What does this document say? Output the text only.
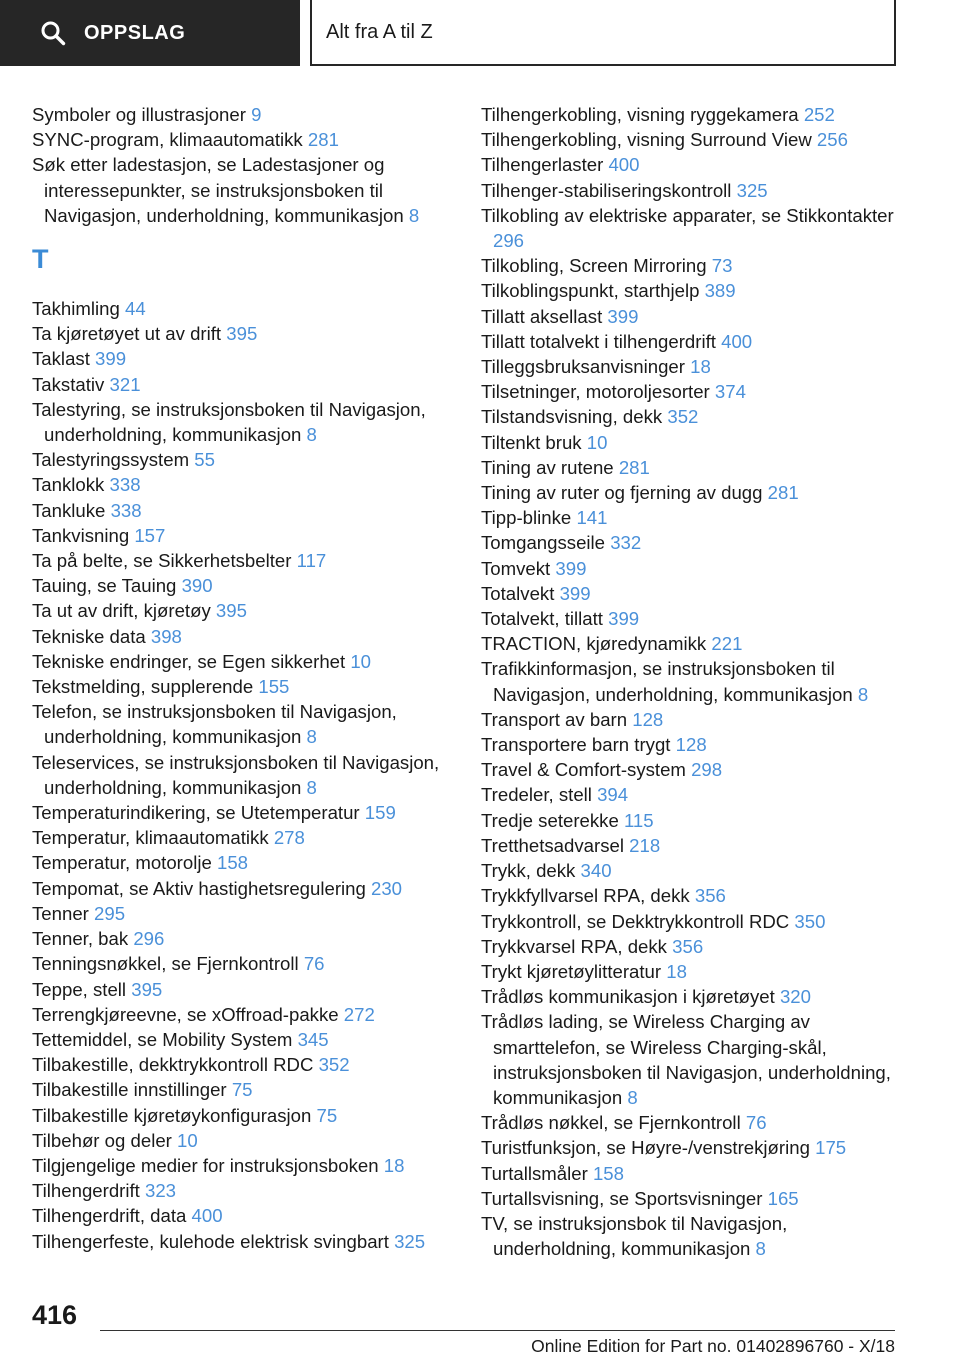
OPPSLAG	Alt fra A til Z
Symboler og illustrasjoner 9
SYNC-program, klimaautomatikk 281
Søk etter ladestasjon, se Ladestasjoner og interessepunkter, se instruksjonsboken til Navigasjon, underholdning, kommunikasjon 8
T
Takhimling 44
Ta kjøretøyet ut av drift 395
Taklast 399
Takstativ 321
Talestyring, se instruksjonsboken til Navigasjon, underholdning, kommunikasjon 8
Talestyringssystem 55
Tanklokk 338
Tankluke 338
Tankvisning 157
Ta på belte, se Sikkerhetsbelter 117
Tauing, se Tauing 390
Ta ut av drift, kjøretøy 395
Tekniske data 398
Tekniske endringer, se Egen sikkerhet 10
Tekstmelding, supplerende 155
Telefon, se instruksjonsboken til Navigasjon, underholdning, kommunikasjon 8
Teleservices, se instruksjonsboken til Navigasjon, underholdning, kommunikasjon 8
Temperaturindikering, se Utetemperatur 159
Temperatur, klimaautomatikk 278
Temperatur, motorolje 158
Tempomat, se Aktiv hastighetsregulering 230
Tenner 295
Tenner, bak 296
Tenningsnøkkel, se Fjernkontroll 76
Teppe, stell 395
Terrengkjøreevne, se xOffroad-pakke 272
Tettemiddel, se Mobility System 345
Tilbakestille, dekktrykkontroll RDC 352
Tilbakestille innstillinger 75
Tilbakestille kjøretøykonfigurasjon 75
Tilbehør og deler 10
Tilgjengelige medier for instruksjonsboken 18
Tilhengerdrift 323
Tilhengerdrift, data 400
Tilhengerfeste, kulehode elektrisk svingbart 325
Tilhengerkobling, visning ryggekamera 252
Tilhengerkobling, visning Surround View 256
Tilhengerlaster 400
Tilhenger-stabiliseringskontroll 325
Tilkobling av elektriske apparater, se Stikkontakter 296
Tilkobling, Screen Mirroring 73
Tilkoblingspunkt, starthjelp 389
Tillatt aksellast 399
Tillatt totalvekt i tilhengerdrift 400
Tilleggsbruksanvisninger 18
Tilsetninger, motoroljesorter 374
Tilstandsvisning, dekk 352
Tiltenkt bruk 10
Tining av rutene 281
Tining av ruter og fjerning av dugg 281
Tipp-blinke 141
Tomgangsseile 332
Tomvekt 399
Totalvekt 399
Totalvekt, tillatt 399
TRACTION, kjøredynamikk 221
Trafikkinformasjon, se instruksjonsboken til Navigasjon, underholdning, kommunikasjon 8
Transport av barn 128
Transportere barn trygt 128
Travel & Comfort-system 298
Tredeler, stell 394
Tredje seterekke 115
Tretthetsadvarsel 218
Trykk, dekk 340
Trykkfyllvarsel RPA, dekk 356
Trykkontroll, se Dekktrykkontroll RDC 350
Trykkvarsel RPA, dekk 356
Trykt kjøretøylitteratur 18
Trådløs kommunikasjon i kjøretøyet 320
Trådløs lading, se Wireless Charging av smarttelefon, se Wireless Charging-skål, instruksjonsboken til Navigasjon, underholdning, kommunikasjon 8
Trådløs nøkkel, se Fjernkontroll 76
Turistfunksjon, se Høyre-/venstrekjøring 175
Turtallsmåler 158
Turtallsvisning, se Sportsvisninger 165
TV, se instruksjonsbok til Navigasjon, underholdning, kommunikasjon 8
416
Online Edition for Part no. 01402896760 - X/18
